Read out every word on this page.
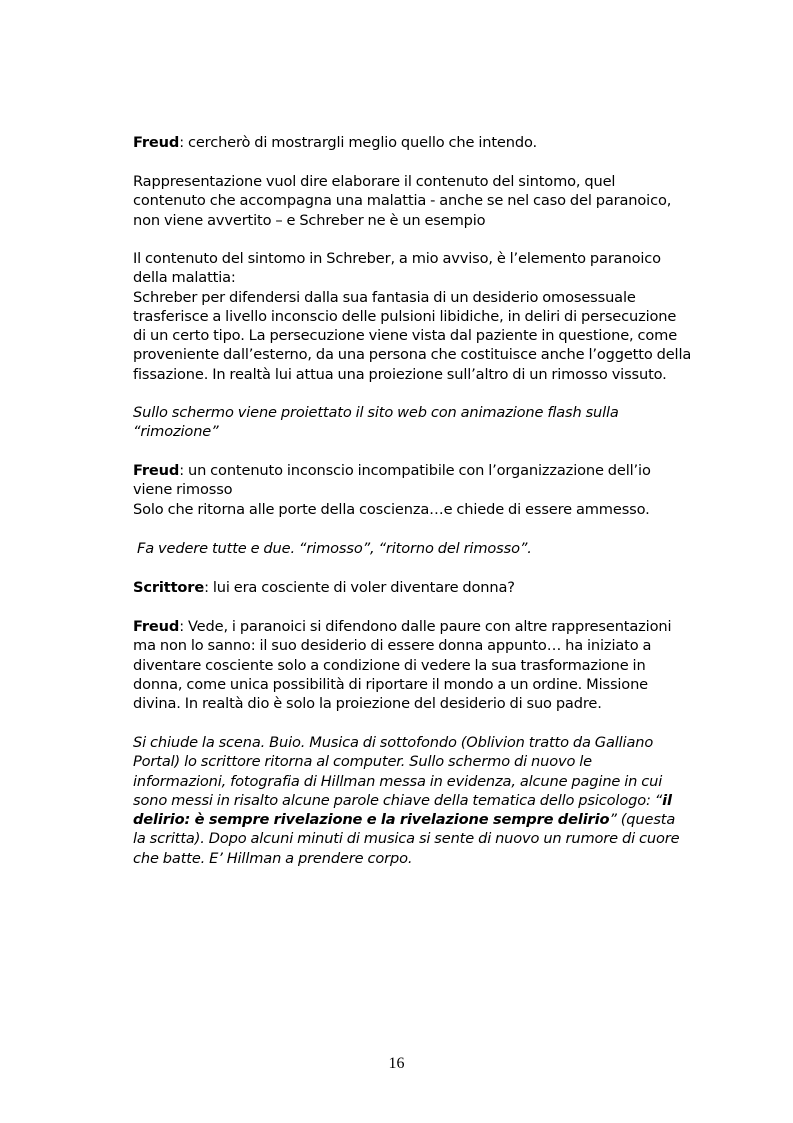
Freud: cercherò di mostrargli meglio quello che intendo.
Rappresentazione vuol dire elaborare il contenuto del sintomo, quel
contenuto che accompagna una malattia - anche se nel caso del paranoico,
non viene avvertito – e Schreber ne è un esempio
Il contenuto del sintomo in Schreber, a mio avviso, è l’elemento paranoico
della malattia:
Schreber per difendersi dalla sua fantasia di un desiderio omosessuale
trasferisce a livello inconscio delle pulsioni libidiche, in deliri di persecuzione
di un certo tipo. La persecuzione viene vista dal paziente in questione, come
proveniente dall’esterno, da una persona che costituisce anche l’oggetto della
fissazione. In realtà lui attua una proiezione sull’altro di un rimosso vissuto.
Sullo schermo viene proiettato il sito web con animazione flash sulla
“rimozione”
Freud: un contenuto inconscio incompatibile con l’organizzazione dell’io
viene rimosso
Solo che ritorna alle porte della coscienza…e chiede di essere ammesso.
Fa vedere tutte e due. “rimosso”, “ritorno del rimosso”.
Scrittore: lui era cosciente di voler diventare donna?
Freud: Vede, i paranoici si difendono dalle paure con altre rappresentazioni
ma non lo sanno: il suo desiderio di essere donna appunto… ha iniziato a
diventare cosciente solo a condizione di vedere la sua trasformazione in
donna, come unica possibilità di riportare il mondo a un ordine. Missione
divina. In realtà dio è solo la proiezione del desiderio di suo padre.
Si chiude la scena. Buio. Musica di sottofondo (Oblivion tratto da Galliano
Portal) lo scrittore ritorna al computer. Sullo schermo di nuovo le
informazioni, fotografia di Hillman messa in evidenza, alcune pagine in cui
sono messi in risalto alcune parole chiave della tematica dello psicologo: “il
delirio: è sempre rivelazione e la rivelazione sempre delirio” (questa
la scritta). Dopo alcuni minuti di musica si sente di nuovo un rumore di cuore
che batte. E’ Hillman a prendere corpo.
16
